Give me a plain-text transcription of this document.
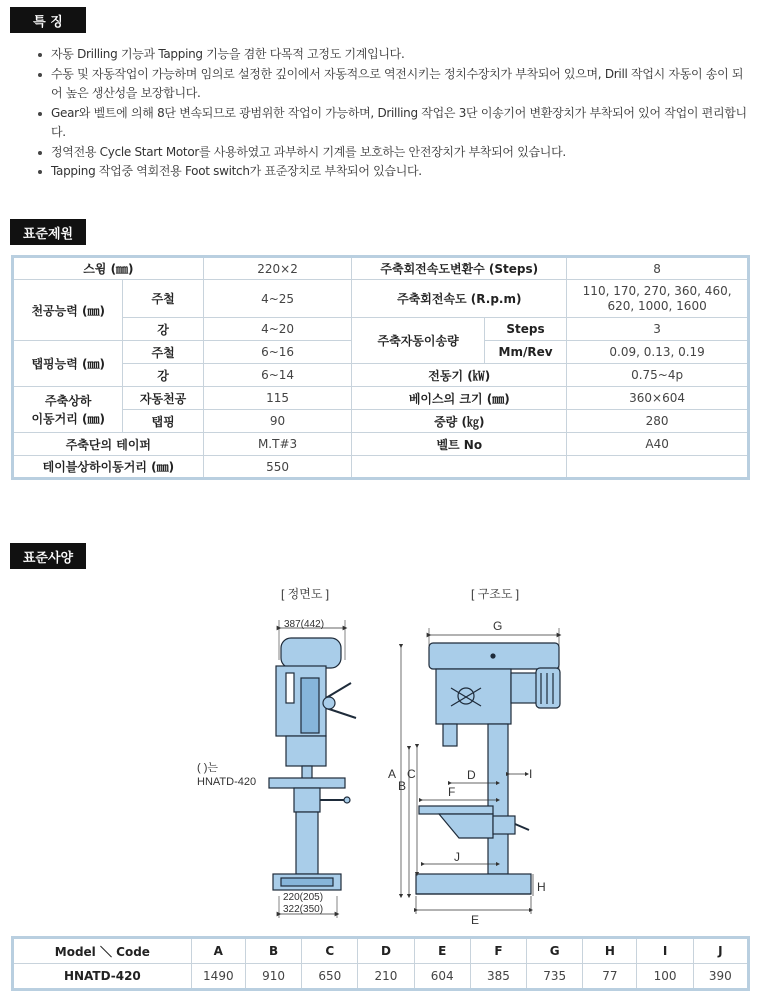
특 징
자동 Drilling 기능과 Tapping 기능을 겸한 다목적 고정도 기계입니다.
수동 및 자동작업이 가능하며 임의로 설정한 깊이에서 자동적으로 역전시키는 정치수장치가 부착되어 있으며, Drill 작업시 자동이 송이 되어 높은 생산성을 보장합니다.
Gear와 벨트에 의해 8단 변속되므로 광범위한 작업이 가능하며, Drilling 작업은 3단 이송기어 변환장치가 부착되어 있어 작업이 편리합니다.
정역전용 Cycle Start Motor를 사용하였고 과부하시 기계를 보호하는 안전장치가 부착되어 있습니다.
Tapping 작업중 역회전용 Foot switch가 표준장치로 부착되어 있습니다.
표준제원
스윙 (㎜)		220×2	주축회전속도변환수 (Steps)		8
천공능력 (㎜)	주철	4~25	주축회전속도 (R.p.m)		110, 170, 270, 360, 460, 620, 1000, 1600
	강	4~20	주축자동이송량	Steps	3
탭핑능력 (㎜)	주철	6~16		Mm/Rev	0.09, 0.13, 0.19
	강	6~14	전동기 (㎾)		0.75~4p
주축상하
이동거리 (㎜)	자동천공	115	베이스의 크기 (㎜)		360×604
	탭핑	90	중량 (㎏)		280
주축단의 테이퍼		M.T#3	벨트 No		A40
테이블상하이동거리 (㎜)		550			
표준사양
[ 정면도 ]	[ 구조도 ]
387(442)
( )는
HNATD-420
220(205)
322(350)
G
A
B
C	D	I
F
J
H
E
Model ＼ Code	A	B	C	D	E	F	G	H	I	J
HNATD-420	1490	910	650	210	604	385	735	77	100	390
